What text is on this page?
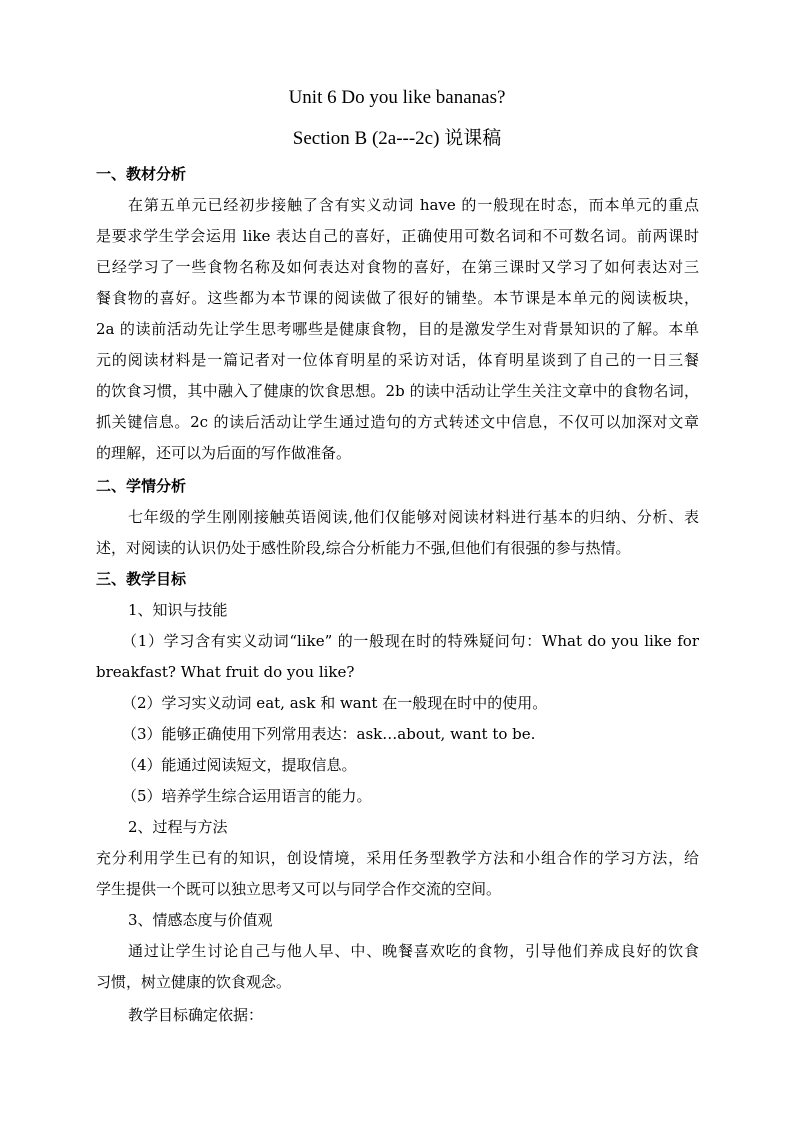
Unit 6 Do you like bananas?
Section B (2a---2c) 说课稿
一、教材分析
在第五单元已经初步接触了含有实义动词 have 的一般现在时态，而本单元的重点
是要求学生学会运用 like 表达自己的喜好，正确使用可数名词和不可数名词。前两课时
已经学习了一些食物名称及如何表达对食物的喜好，在第三课时又学习了如何表达对三
餐食物的喜好。这些都为本节课的阅读做了很好的铺垫。本节课是本单元的阅读板块，
2a 的读前活动先让学生思考哪些是健康食物，目的是激发学生对背景知识的了解。本单
元的阅读材料是一篇记者对一位体育明星的采访对话，体育明星谈到了自己的一日三餐
的饮食习惯，其中融入了健康的饮食思想。2b 的读中活动让学生关注文章中的食物名词，
抓关键信息。2c 的读后活动让学生通过造句的方式转述文中信息，不仅可以加深对文章
的理解，还可以为后面的写作做准备。
二、学情分析
七年级的学生刚刚接触英语阅读,他们仅能够对阅读材料进行基本的归纳、分析、表
述，对阅读的认识仍处于感性阶段,综合分析能力不强,但他们有很强的参与热情。
三、教学目标
1、知识与技能
（1）学习含有实义动词“like” 的一般现在时的特殊疑问句：What do you like for
breakfast? What fruit do you like?
（2）学习实义动词 eat, ask 和 want 在一般现在时中的使用。
（3）能够正确使用下列常用表达：ask…about, want to be.
（4）能通过阅读短文，提取信息。
（5）培养学生综合运用语言的能力。
2、过程与方法
充分利用学生已有的知识，创设情境，采用任务型教学方法和小组合作的学习方法，给
学生提供一个既可以独立思考又可以与同学合作交流的空间。
3、情感态度与价值观
通过让学生讨论自己与他人早、中、晚餐喜欢吃的食物，引导他们养成良好的饮食
习惯，树立健康的饮食观念。
教学目标确定依据：
